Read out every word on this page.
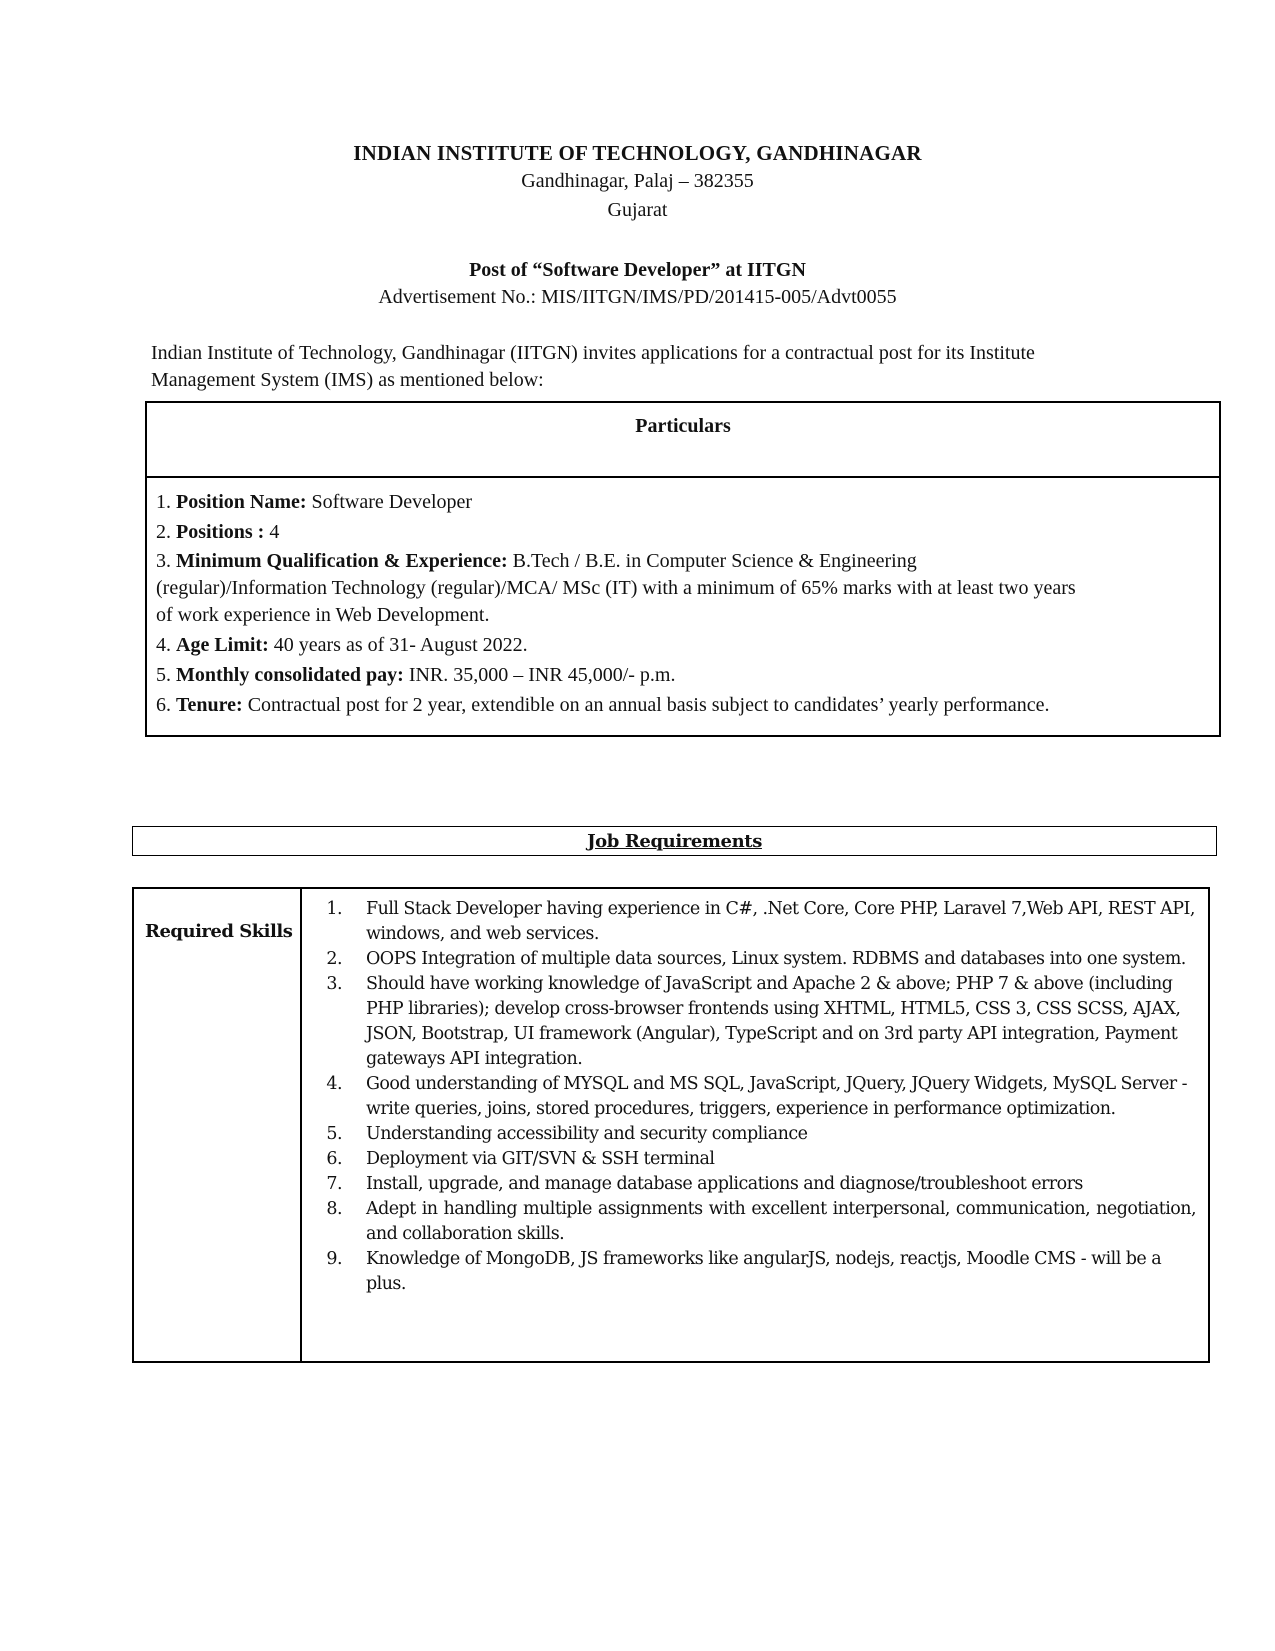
INDIAN INSTITUTE OF TECHNOLOGY, GANDHINAGAR
Gandhinagar, Palaj – 382355
Gujarat
Post of “Software Developer” at IITGN
Advertisement No.: MIS/IITGN/IMS/PD/201415-005/Advt0055
Indian Institute of Technology, Gandhinagar (IITGN) invites applications for a contractual post for its Institute
Management System (IMS) as mentioned below:
Particulars
1. Position Name: Software Developer
2. Positions : 4
3. Minimum Qualification & Experience: B.Tech / B.E. in Computer Science & Engineering
(regular)/Information Technology (regular)/MCA/ MSc (IT) with a minimum of 65% marks with at least two years
of work experience in Web Development.
4. Age Limit: 40 years as of 31- August 2022.
5. Monthly consolidated pay: INR. 35,000 – INR 45,000/- p.m.
6. Tenure: Contractual post for 2 year, extendible on an annual basis subject to candidates’ yearly performance.
Job Requirements
Required Skills
1.	Full Stack Developer having experience in C#, .Net Core, Core PHP, Laravel 7,Web API, REST API, windows, and web services.
2.	OOPS Integration of multiple data sources, Linux system. RDBMS and databases into one system.
3.	Should have working knowledge of JavaScript and Apache 2 & above; PHP 7 & above (including PHP libraries); develop cross-browser frontends using XHTML, HTML5, CSS 3, CSS SCSS, AJAX, JSON, Bootstrap, UI framework (Angular), TypeScript and on 3rd party API integration, Payment gateways API integration.
4.	Good understanding of MYSQL and MS SQL, JavaScript, JQuery, JQuery Widgets, MySQL Server - write queries, joins, stored procedures, triggers, experience in performance optimization.
5.	Understanding accessibility and security compliance
6.	Deployment via GIT/SVN & SSH terminal
7.	Install, upgrade, and manage database applications and diagnose/troubleshoot errors
8.	Adept in handling multiple assignments with excellent interpersonal, communication, negotiation, and collaboration skills.
9.	Knowledge of MongoDB, JS frameworks like angularJS, nodejs, reactjs, Moodle CMS - will be a plus.
